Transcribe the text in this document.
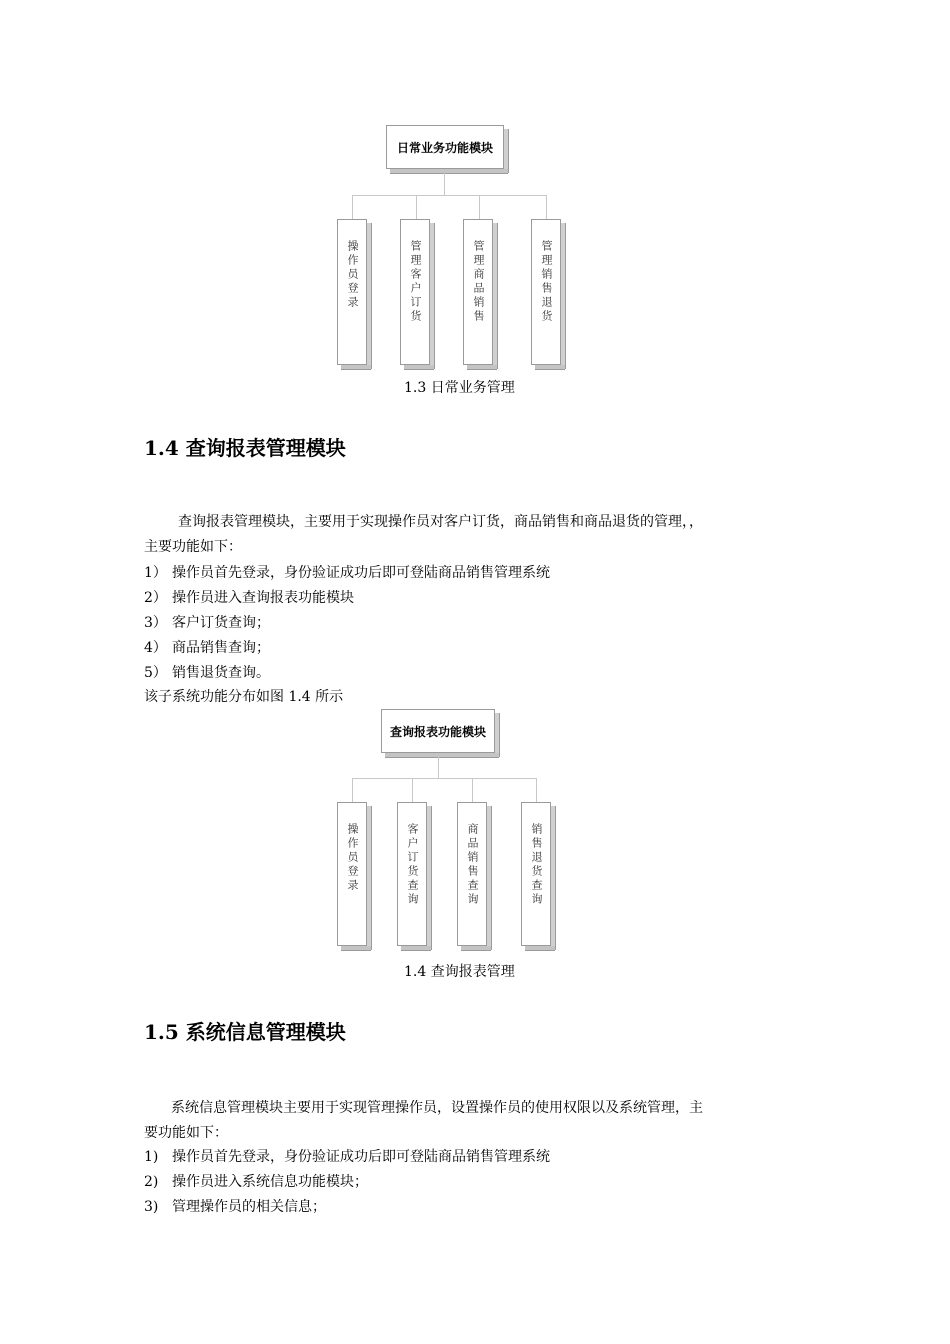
日常业务功能模块
操作员登录	管理客户订货	管理商品销售	管理销售退货
1.3 日常业务管理
1.4 查询报表管理模块
查询报表管理模块，主要用于实现操作员对客户订货，商品销售和商品退货的管理，，
主要功能如下：
1） 操作员首先登录，身份验证成功后即可登陆商品销售管理系统
2） 操作员进入查询报表功能模块
3） 客户订货查询；
4） 商品销售查询；
5） 销售退货查询。
该子系统功能分布如图 1.4 所示
查询报表功能模块
操作员登录	客户订货查询	商品销售查询	销售退货查询
1.4 查询报表管理
1.5 系统信息管理模块
系统信息管理模块主要用于实现管理操作员，设置操作员的使用权限以及系统管理，主
要功能如下：
1) 操作员首先登录，身份验证成功后即可登陆商品销售管理系统
2) 操作员进入系统信息功能模块；
3) 管理操作员的相关信息；
